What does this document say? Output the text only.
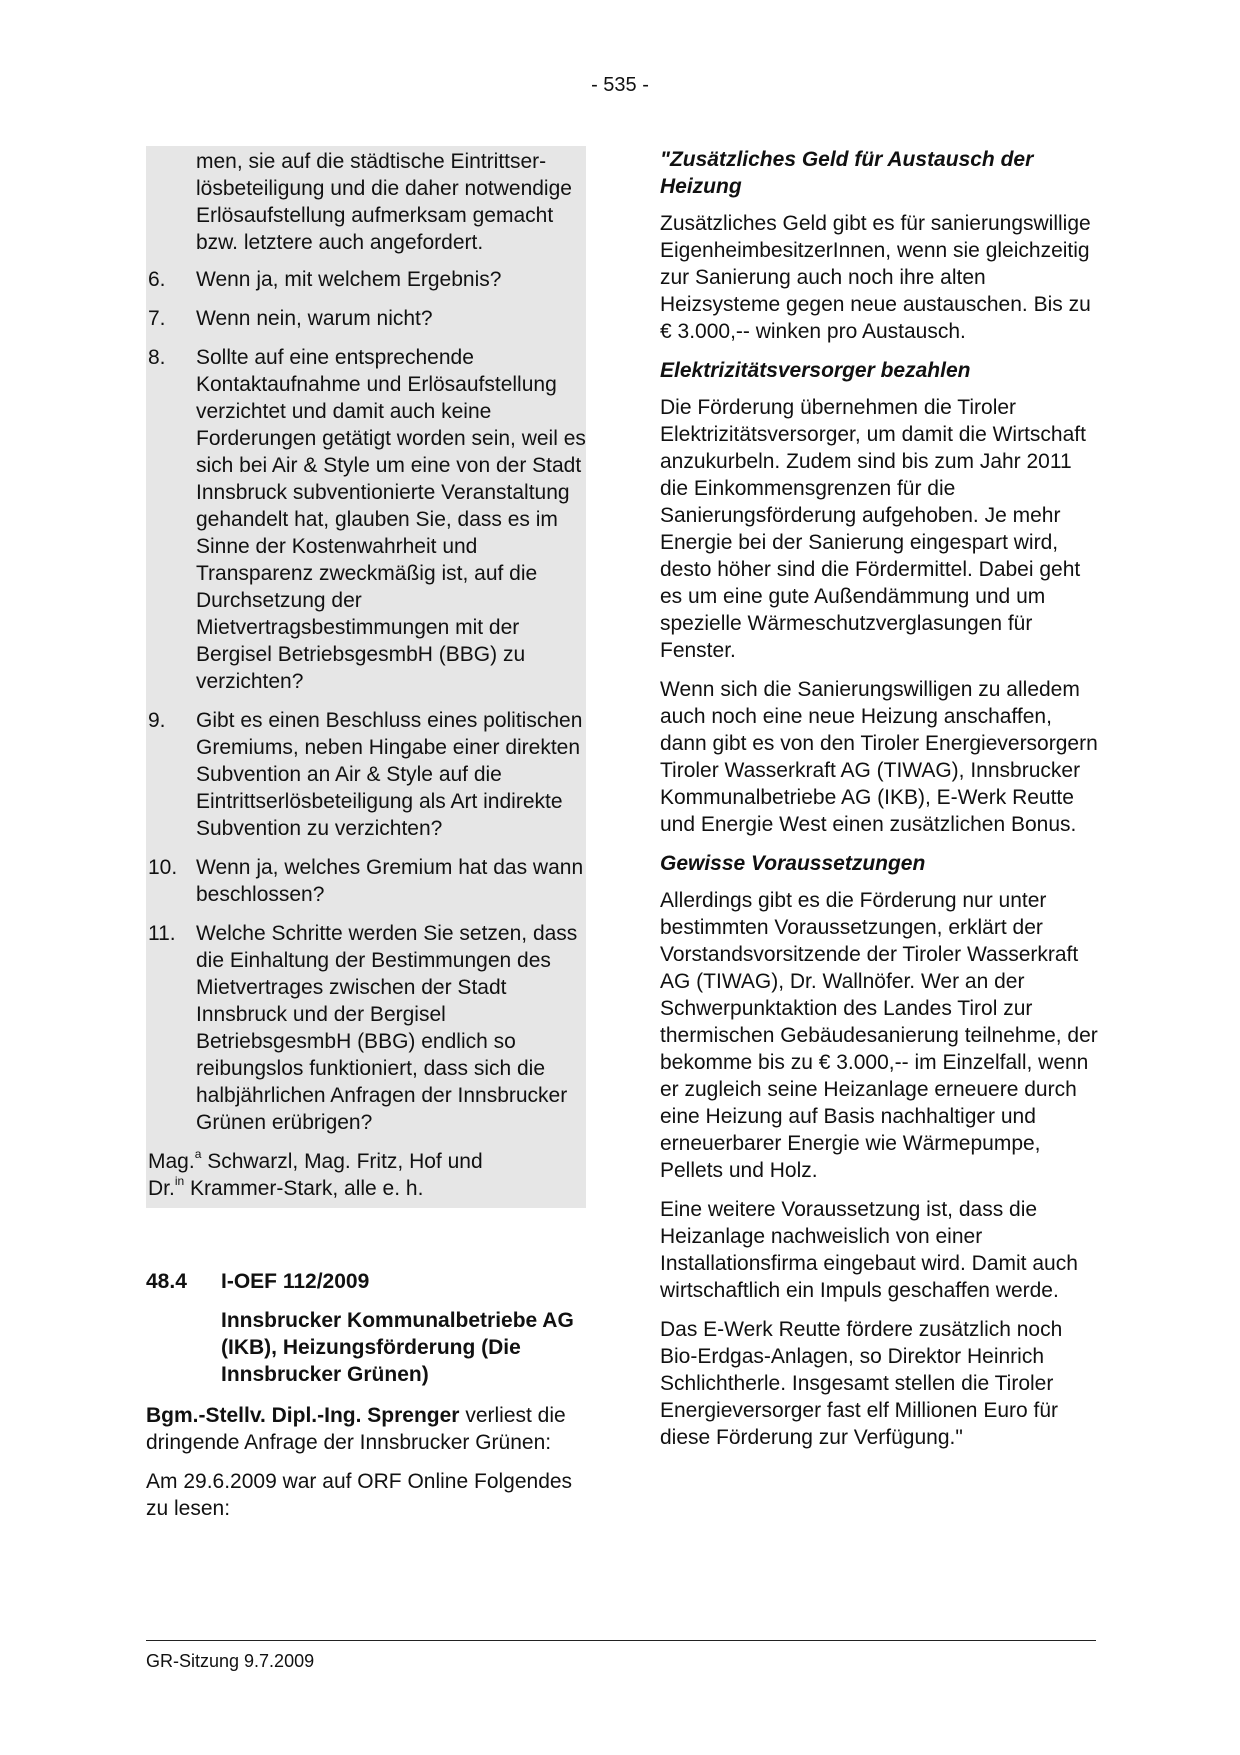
- 535 -

men, sie auf die städtische Eintrittserlösbeteiligung und die daher notwendige Erlösaufstellung aufmerksam gemacht bzw. letztere auch angefordert.

6.	Wenn ja, mit welchem Ergebnis?
7.	Wenn nein, warum nicht?
8.	Sollte auf eine entsprechende Kontaktaufnahme und Erlösaufstellung verzichtet und damit auch keine Forderungen getätigt worden sein, weil es sich bei Air & Style um eine von der Stadt Innsbruck subventionierte Veranstaltung gehandelt hat, glauben Sie, dass es im Sinne der Kostenwahrheit und Transparenz zweckmäßig ist, auf die Durchsetzung der Mietvertragsbestimmungen mit der Bergisel BetriebsgesmbH (BBG) zu verzichten?
9.	Gibt es einen Beschluss eines politischen Gremiums, neben Hingabe einer direkten Subvention an Air & Style auf die Eintrittserlösbeteiligung als Art indirekte Subvention zu verzichten?
10. Wenn ja, welches Gremium hat das wann beschlossen?
11. Welche Schritte werden Sie setzen, dass die Einhaltung der Bestimmungen des Mietvertrages zwischen der Stadt Innsbruck und der Bergisel BetriebsgesmbH (BBG) endlich so reibungslos funktioniert, dass sich die halbjährlichen Anfragen der Innsbrucker Grünen erübrigen?

Mag.$^a$ Schwarzl, Mag. Fritz, Hof und
Dr.$^{in}$ Krammer-Stark, alle e. h.

48.4	I-OEF 112/2009
Innsbrucker Kommunalbetriebe AG (IKB), Heizungsförderung (Die Innsbrucker Grünen)

Bgm.-Stellv. Dipl.-Ing. Sprenger verliest die dringende Anfrage der Innsbrucker Grünen:

Am 29.6.2009 war auf ORF Online Folgendes zu lesen:

"Zusätzliches Geld für Austausch der Heizung

Zusätzliches Geld gibt es für sanierungswillige EigenheimbesitzerInnen, wenn sie gleichzeitig zur Sanierung auch noch ihre alten Heizsysteme gegen neue austauschen. Bis zu € 3.000,-- winken pro Austausch.

Elektrizitätsversorger bezahlen

Die Förderung übernehmen die Tiroler Elektrizitätsversorger, um damit die Wirtschaft anzukurbeln. Zudem sind bis zum Jahr 2011 die Einkommensgrenzen für die Sanierungsförderung aufgehoben. Je mehr Energie bei der Sanierung eingespart wird, desto höher sind die Fördermittel. Dabei geht es um eine gute Außendämmung und um spezielle Wärmeschutzverglasungen für Fenster.

Wenn sich die Sanierungswilligen zu alledem auch noch eine neue Heizung anschaffen, dann gibt es von den Tiroler Energieversorgern Tiroler Wasserkraft AG (TIWAG), Innsbrucker Kommunalbetriebe AG (IKB), E-Werk Reutte und Energie West einen zusätzlichen Bonus.

Gewisse Voraussetzungen

Allerdings gibt es die Förderung nur unter bestimmten Voraussetzungen, erklärt der Vorstandsvorsitzende der Tiroler Wasserkraft AG (TIWAG), Dr. Wallnöfer. Wer an der Schwerpunktaktion des Landes Tirol zur thermischen Gebäudesanierung teilnehme, der bekomme bis zu € 3.000,-- im Einzelfall, wenn er zugleich seine Heizanlage erneuere durch eine Heizung auf Basis nachhaltiger und erneuerbarer Energie wie Wärmepumpe, Pellets und Holz.

Eine weitere Voraussetzung ist, dass die Heizanlage nachweislich von einer Installationsfirma eingebaut wird. Damit auch wirtschaftlich ein Impuls geschaffen werde.

Das E-Werk Reutte fördere zusätzlich noch Bio-Erdgas-Anlagen, so Direktor Heinrich Schlichtherle. Insgesamt stellen die Tiroler Energieversorger fast elf Millionen Euro für diese Förderung zur Verfügung."

GR-Sitzung 9.7.2009
